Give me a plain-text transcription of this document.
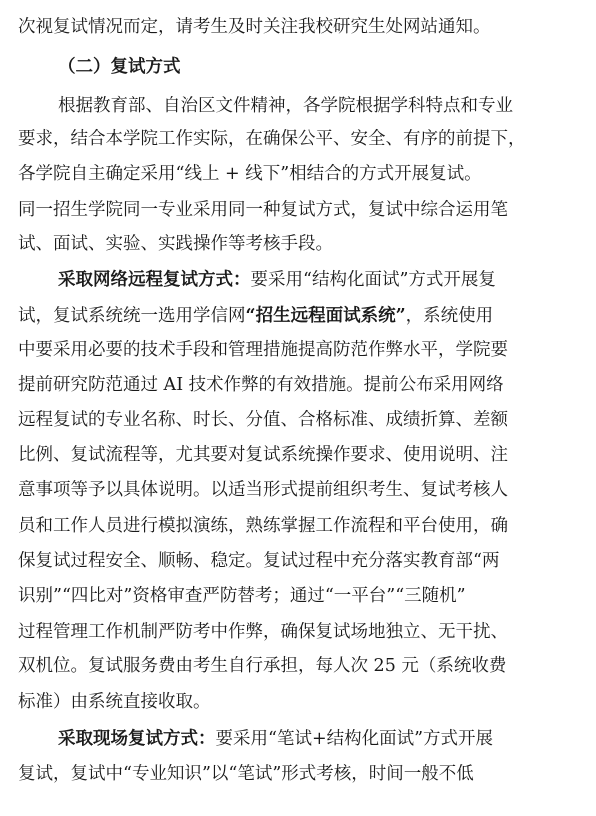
次视复试情况而定，请考生及时关注我校研究生处网站通知。
（二）复试方式
根据教育部、自治区文件精神，各学院根据学科特点和专业
要求，结合本学院工作实际，在确保公平、安全、有序的前提下，
各学院自主确定采用“线上 + 线下”相结合的方式开展复试。
同一招生学院同一专业采用同一种复试方式，复试中综合运用笔
试、面试、实验、实践操作等考核手段。
采取网络远程复试方式：要采用“结构化面试”方式开展复
试，复试系统统一选用学信网“招生远程面试系统”，系统使用
中要采用必要的技术手段和管理措施提高防范作弊水平，学院要
提前研究防范通过 AI 技术作弊的有效措施。提前公布采用网络
远程复试的专业名称、时长、分值、合格标准、成绩折算、差额
比例、复试流程等，尤其要对复试系统操作要求、使用说明、注
意事项等予以具体说明。以适当形式提前组织考生、复试考核人
员和工作人员进行模拟演练，熟练掌握工作流程和平台使用，确
保复试过程安全、顺畅、稳定。复试过程中充分落实教育部“两
识别”“四比对”资格审查严防替考；通过“一平台”“三随机”
过程管理工作机制严防考中作弊，确保复试场地独立、无干扰、
双机位。复试服务费由考生自行承担，每人次 25 元（系统收费
标准）由系统直接收取。
采取现场复试方式：要采用“笔试+结构化面试”方式开展
复试，复试中“专业知识”以“笔试”形式考核，时间一般不低
